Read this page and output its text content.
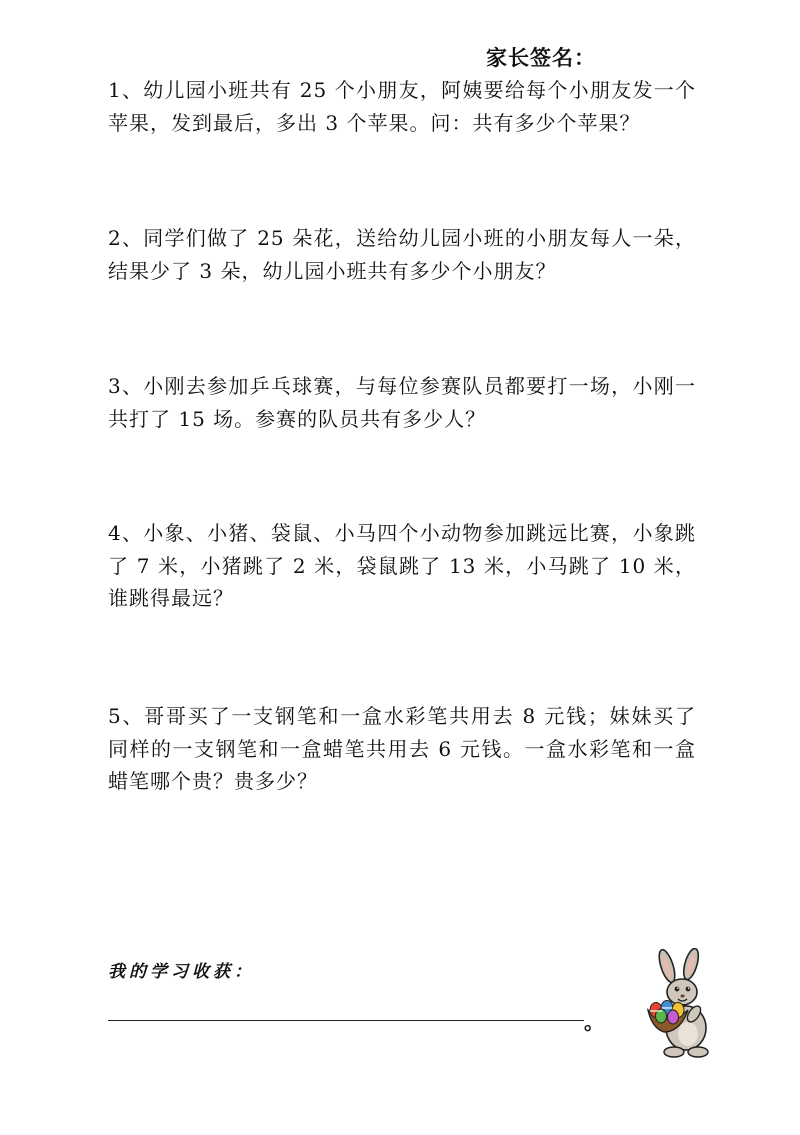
家长签名：

1、幼儿园小班共有 25 个小朋友，阿姨要给每个小朋友发一个苹果，发到最后，多出 3 个苹果。问：共有多少个苹果？

2、同学们做了 25 朵花，送给幼儿园小班的小朋友每人一朵，结果少了 3 朵，幼儿园小班共有多少个小朋友？

3、小刚去参加乒乓球赛，与每位参赛队员都要打一场，小刚一共打了 15 场。参赛的队员共有多少人？

4、小象、小猪、袋鼠、小马四个小动物参加跳远比赛，小象跳了 7 米，小猪跳了 2 米，袋鼠跳了 13 米，小马跳了 10 米，谁跳得最远？

5、哥哥买了一支钢笔和一盒水彩笔共用去 8 元钱；妹妹买了同样的一支钢笔和一盒蜡笔共用去 6 元钱。一盒水彩笔和一盒蜡笔哪个贵？贵多少？

我的学习收获：
。
